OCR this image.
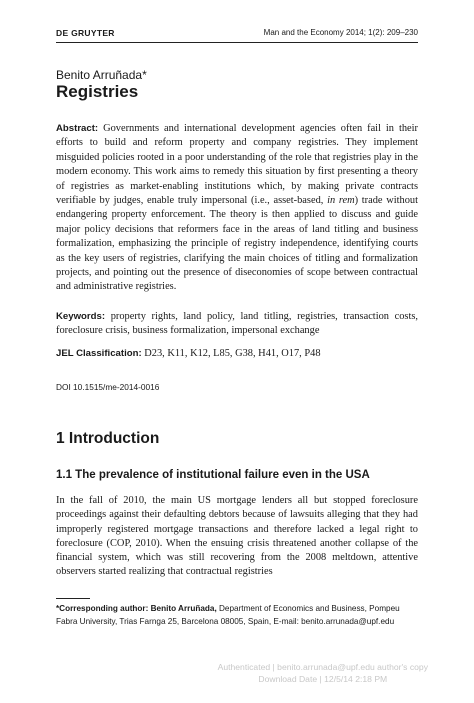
DE GRUYTER	Man and the Economy 2014; 1(2): 209–230
Benito Arruñada*
Registries
Abstract: Governments and international development agencies often fail in their efforts to build and reform property and company registries. They implement misguided policies rooted in a poor understanding of the role that registries play in the modern economy. This work aims to remedy this situation by first presenting a theory of registries as market-enabling institutions which, by making private contracts verifiable by judges, enable truly impersonal (i.e., asset-based, in rem) trade without endangering property enforcement. The theory is then applied to discuss and guide major policy decisions that reformers face in the areas of land titling and business formalization, emphasizing the principle of registry independence, identifying courts as the key users of registries, clarifying the main choices of titling and formalization projects, and pointing out the presence of diseconomies of scope between contractual and administrative registries.
Keywords: property rights, land policy, land titling, registries, transaction costs, foreclosure crisis, business formalization, impersonal exchange
JEL Classification: D23, K11, K12, L85, G38, H41, O17, P48
DOI 10.1515/me-2014-0016
1 Introduction
1.1 The prevalence of institutional failure even in the USA
In the fall of 2010, the main US mortgage lenders all but stopped foreclosure proceedings against their defaulting debtors because of lawsuits alleging that they had improperly registered mortgage transactions and therefore lacked a legal right to foreclosure (COP, 2010). When the ensuing crisis threatened another collapse of the financial system, which was still recovering from the 2008 meltdown, attentive observers started realizing that contractual registries
*Corresponding author: Benito Arruñada, Department of Economics and Business, Pompeu Fabra University, Trias Farnga 25, Barcelona 08005, Spain, E-mail: benito.arrunada@upf.edu
Authenticated | benito.arrunada@upf.edu author's copy
Download Date | 12/5/14 2:18 PM
